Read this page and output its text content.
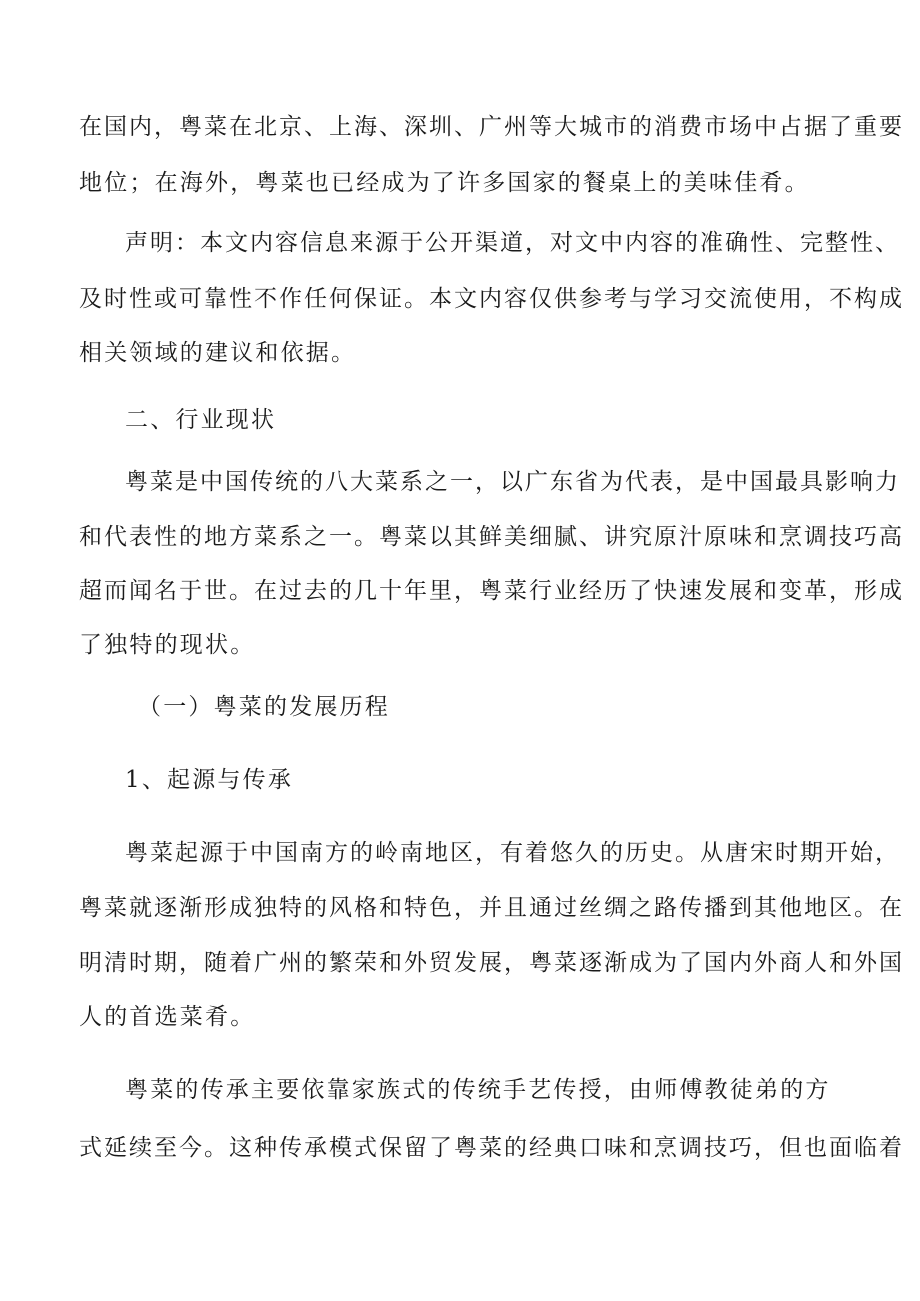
在国内，粤菜在北京、上海、深圳、广州等大城市的消费市场中占据了重要
地位；在海外，粤菜也已经成为了许多国家的餐桌上的美味佳肴。
声明：本文内容信息来源于公开渠道，对文中内容的准确性、完整性、
及时性或可靠性不作任何保证。本文内容仅供参考与学习交流使用，不构成
相关领域的建议和依据。
二、行业现状
粤菜是中国传统的八大菜系之一，以广东省为代表，是中国最具影响力
和代表性的地方菜系之一。粤菜以其鲜美细腻、讲究原汁原味和烹调技巧高
超而闻名于世。在过去的几十年里，粤菜行业经历了快速发展和变革，形成
了独特的现状。
（一）粤菜的发展历程
1、起源与传承
粤菜起源于中国南方的岭南地区，有着悠久的历史。从唐宋时期开始，
粤菜就逐渐形成独特的风格和特色，并且通过丝绸之路传播到其他地区。在
明清时期，随着广州的繁荣和外贸发展，粤菜逐渐成为了国内外商人和外国
人的首选菜肴。
粤菜的传承主要依靠家族式的传统手艺传授，由师傅教徒弟的方
式延续至今。这种传承模式保留了粤菜的经典口味和烹调技巧，但也面临着
